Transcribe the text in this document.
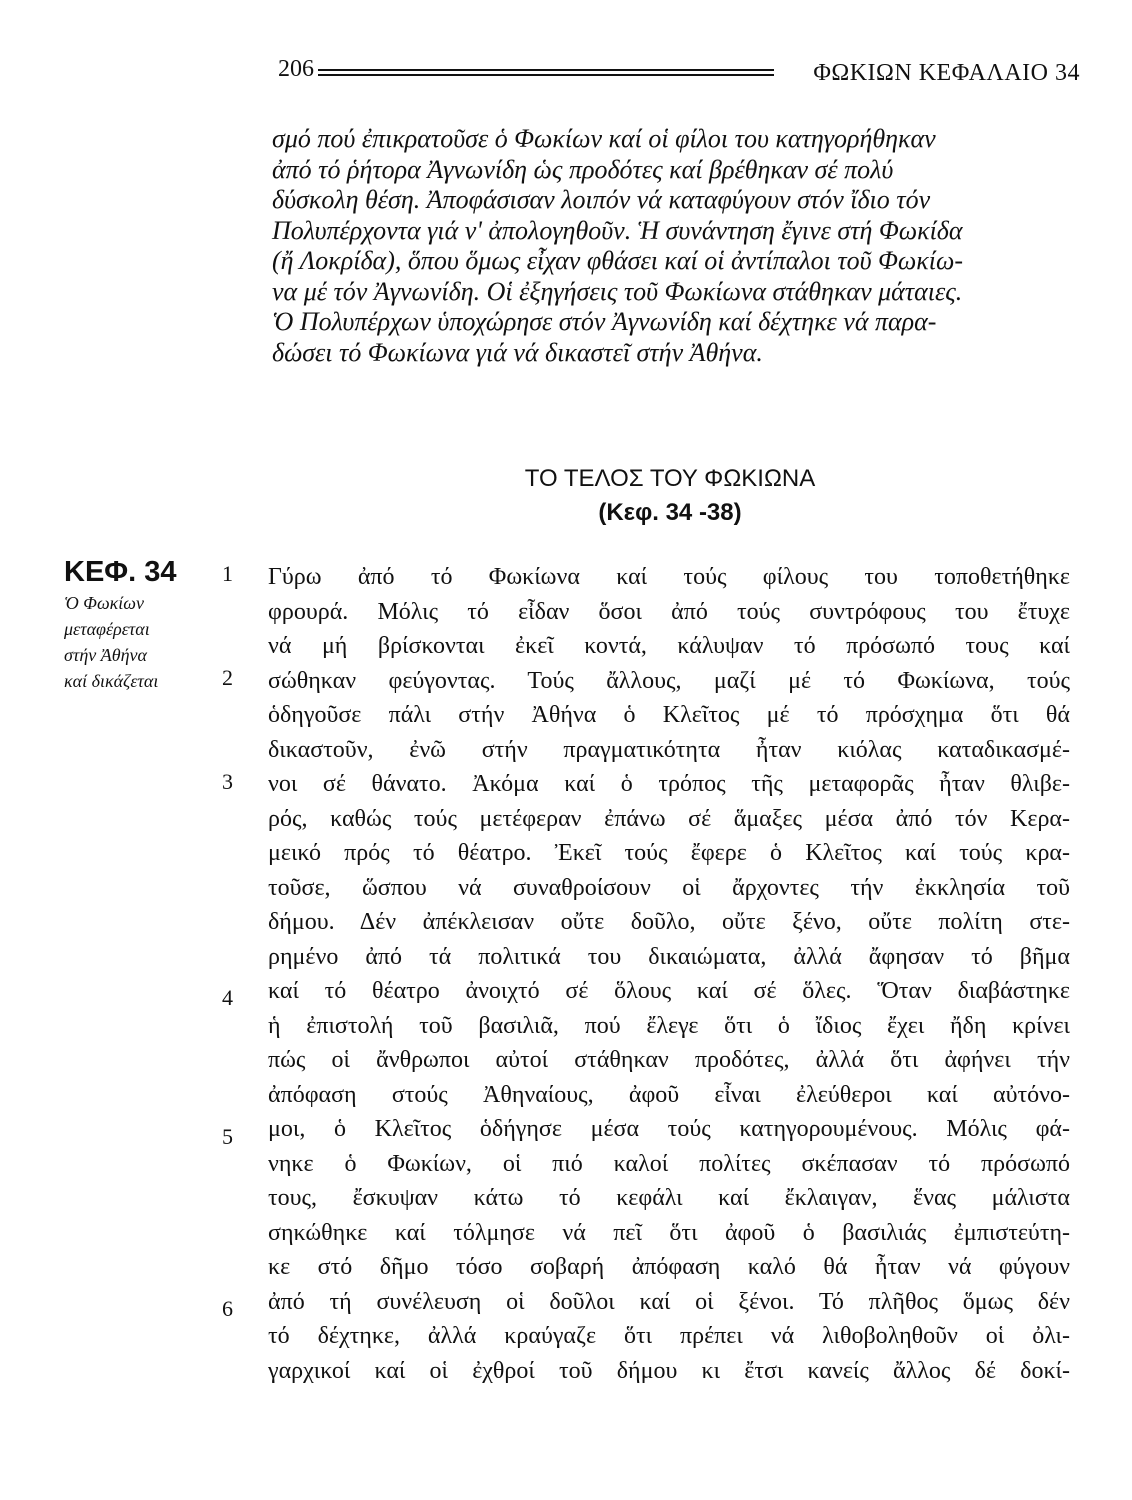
206	ΦΩΚΙΩΝ ΚΕΦΑΛΑΙΟ 34

σμό πού ἐπικρατοῦσε ὁ Φωκίων καί οἱ φίλοι του κατηγορήθηκαν

ἀπό τό ῥήτορα Ἀγνωνίδη ὡς προδότες καί βρέθηκαν σέ πολύ

δύσκολη θέση. Ἀποφάσισαν λοιπόν νά καταφύγουν στόν ἴδιο τόν

Πολυπέρχοντα γιά ν' ἀπολογηθοῦν. Ἡ συνάντηση ἔγινε στή Φωκίδα

(ἤ Λοκρίδα), ὅπου ὅμως εἶχαν φθάσει καί οἱ ἀντίπαλοι τοῦ Φωκίω-

να μέ τόν Ἀγνωνίδη. Οἱ ἐξηγήσεις τοῦ Φωκίωνα στάθηκαν μάταιες.

Ὁ Πολυπέρχων ὑποχώρησε στόν Ἀγνωνίδη καί δέχτηκε νά παρα-

δώσει τό Φωκίωνα γιά νά δικαστεῖ στήν Ἀθήνα.

ΤΟ ΤΕΛΟΣ ΤΟΥ ΦΩΚΙΩΝΑ
(Κεφ. 34 -38)
ΚΕΦ. 34
Ὁ Φωκίων
μεταφέρεται
στήν Ἀθήνα
καί δικάζεται
1
2
3
4
5
6
Γύρω ἀπό τό Φωκίωνα καί τούς φίλους του τοποθετήθηκε
φρουρά. Μόλις τό εἶδαν ὅσοι ἀπό τούς συντρόφους του ἔτυχε
νά μή βρίσκονται ἐκεῖ κοντά, κάλυψαν τό πρόσωπό τους καί
σώθηκαν φεύγοντας. Τούς ἄλλους, μαζί μέ τό Φωκίωνα, τούς
ὁδηγοῦσε πάλι στήν Ἀθήνα ὁ Κλεῖτος μέ τό πρόσχημα ὅτι θά
δικαστοῦν, ἐνῶ στήν πραγματικότητα ἦταν κιόλας καταδικασμέ-
νοι σέ θάνατο. Ἀκόμα καί ὁ τρόπος τῆς μεταφορᾶς ἦταν θλιβε-
ρός, καθώς τούς μετέφεραν ἐπάνω σέ ἅμαξες μέσα ἀπό τόν Κερα-
μεικό πρός τό θέατρο. Ἐκεῖ τούς ἔφερε ὁ Κλεῖτος καί τούς κρα-
τοῦσε, ὥσπου νά συναθροίσουν οἱ ἄρχοντες τήν ἐκκλησία τοῦ
δήμου. Δέν ἀπέκλεισαν οὔτε δοῦλο, οὔτε ξένο, οὔτε πολίτη στε-
ρημένο ἀπό τά πολιτικά του δικαιώματα, ἀλλά ἄφησαν τό βῆμα
καί τό θέατρο ἀνοιχτό σέ ὅλους καί σέ ὅλες. Ὅταν διαβάστηκε
ἡ ἐπιστολή τοῦ βασιλιᾶ, πού ἔλεγε ὅτι ὁ ἴδιος ἔχει ἤδη κρίνει
πώς οἱ ἄνθρωποι αὐτοί στάθηκαν προδότες, ἀλλά ὅτι ἀφήνει τήν
ἀπόφαση στούς Ἀθηναίους, ἀφοῦ εἶναι ἐλεύθεροι καί αὐτόνο-
μοι, ὁ Κλεῖτος ὁδήγησε μέσα τούς κατηγορουμένους. Μόλις φά-
νηκε ὁ Φωκίων, οἱ πιό καλοί πολίτες σκέπασαν τό πρόσωπό
τους, ἔσκυψαν κάτω τό κεφάλι καί ἔκλαιγαν, ἕνας μάλιστα
σηκώθηκε καί τόλμησε νά πεῖ ὅτι ἀφοῦ ὁ βασιλιάς ἐμπιστεύτη-
κε στό δῆμο τόσο σοβαρή ἀπόφαση καλό θά ἦταν νά φύγουν
ἀπό τή συνέλευση οἱ δοῦλοι καί οἱ ξένοι. Τό πλῆθος ὅμως δέν
τό δέχτηκε, ἀλλά κραύγαζε ὅτι πρέπει νά λιθοβοληθοῦν οἱ ὀλι-
γαρχικοί καί οἱ ἐχθροί τοῦ δήμου κι ἔτσι κανείς ἄλλος δέ δοκί-
